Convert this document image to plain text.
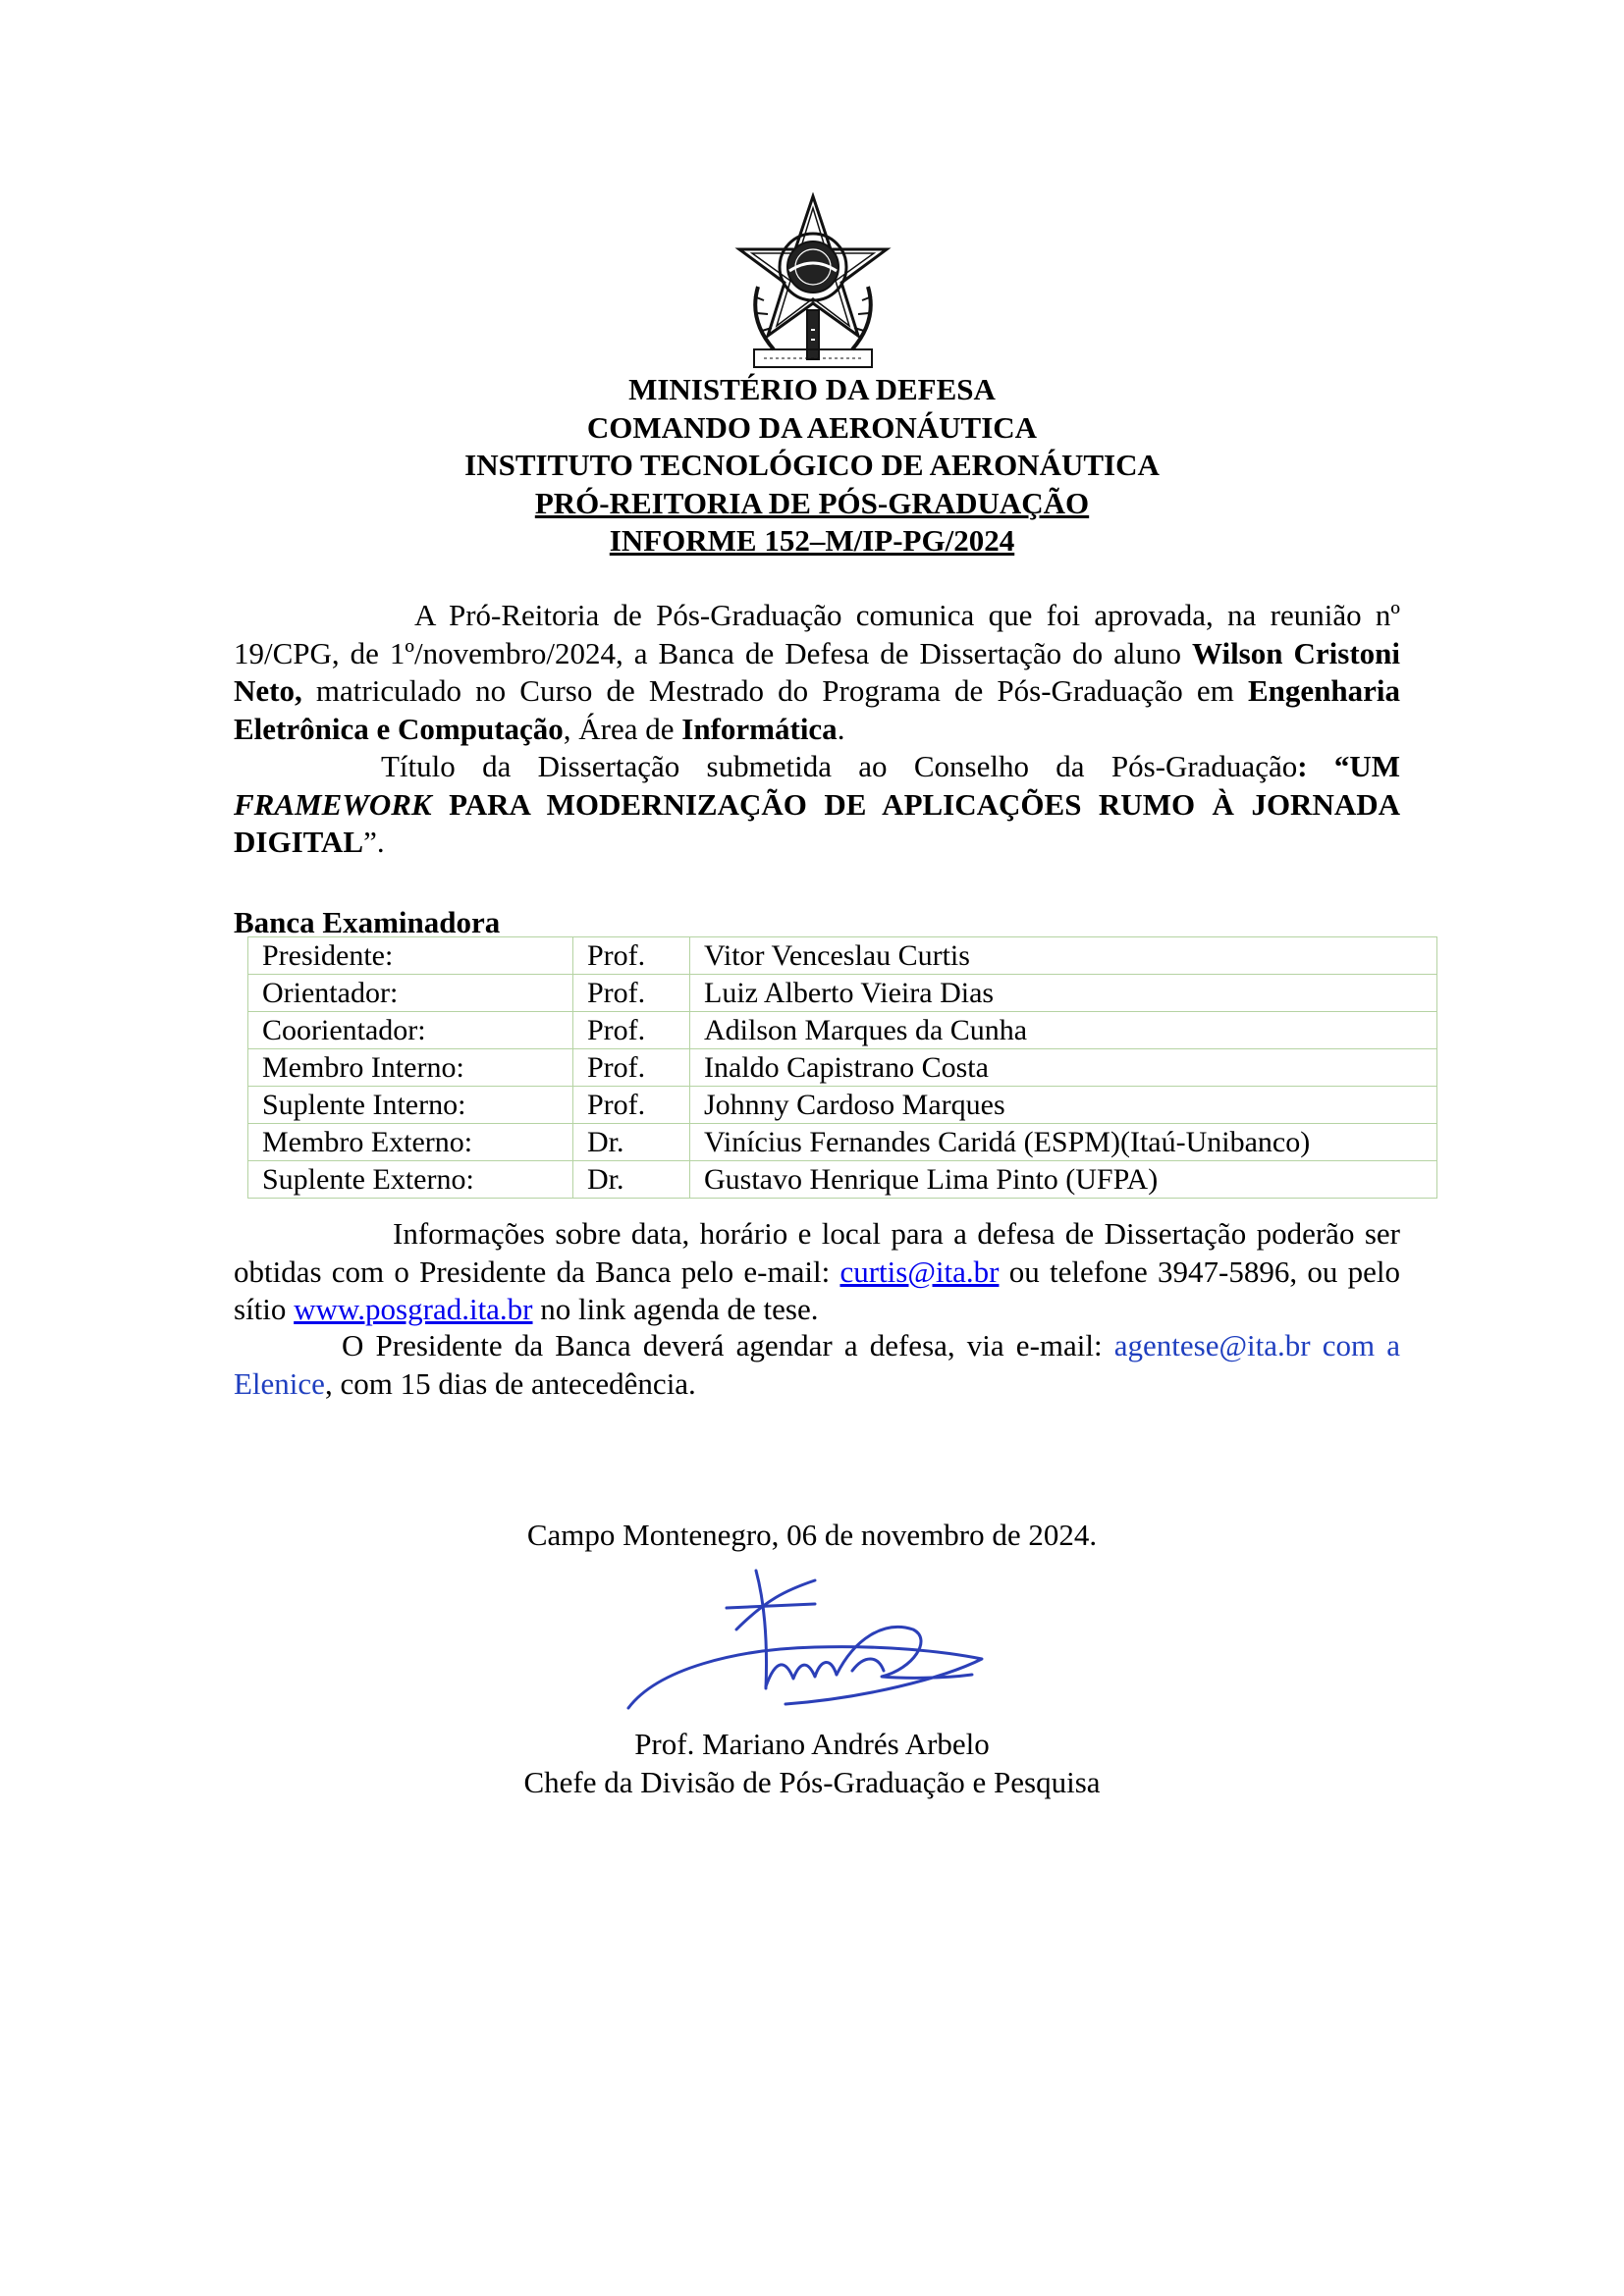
MINISTÉRIO DA DEFESA
COMANDO DA AERONÁUTICA
INSTITUTO TECNOLÓGICO DE AERONÁUTICA
PRÓ-REITORIA DE PÓS-GRADUAÇÃO
INFORME 152–M/IP-PG/2024
A Pró-Reitoria de Pós-Graduação comunica que foi aprovada, na reunião nº 19/CPG, de 1º/novembro/2024, a Banca de Defesa de Dissertação do aluno Wilson Cristoni Neto, matriculado no Curso de Mestrado do Programa de Pós-Graduação em Engenharia Eletrônica e Computação, Área de Informática.
Título da Dissertação submetida ao Conselho da Pós-Graduação: “UM FRAMEWORK PARA MODERNIZAÇÃO DE APLICAÇÕES RUMO À JORNADA DIGITAL”.
Banca Examinadora
Presidente:	Prof.	Vitor Venceslau Curtis
Orientador:	Prof.	Luiz Alberto Vieira Dias
Coorientador:	Prof.	Adilson Marques da Cunha
Membro Interno:	Prof.	Inaldo Capistrano Costa
Suplente Interno:	Prof.	Johnny Cardoso Marques
Membro Externo:	Dr.	Vinícius Fernandes Caridá (ESPM)(Itaú-Unibanco)
Suplente Externo:	Dr.	Gustavo Henrique Lima Pinto (UFPA)
Informações sobre data, horário e local para a defesa de Dissertação poderão ser obtidas com o Presidente da Banca pelo e-mail: curtis@ita.br ou telefone 3947-5896, ou pelo sítio www.posgrad.ita.br no link agenda de tese.
O Presidente da Banca deverá agendar a defesa, via e-mail: agentese@ita.br com a Elenice, com 15 dias de antecedência.
Campo Montenegro, 06 de novembro de 2024.
Prof. Mariano Andrés Arbelo
Chefe da Divisão de Pós-Graduação e Pesquisa
